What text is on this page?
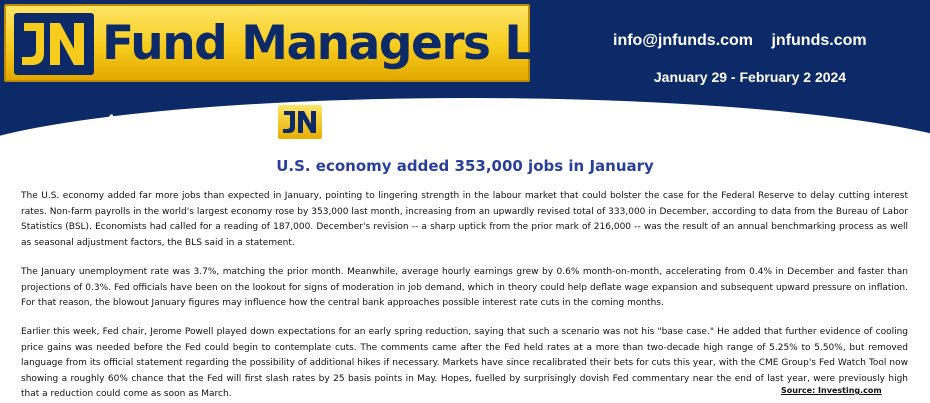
Fund Managers Ltd. info@jnfunds.com jnfunds.com
January 29 - February 2 2024
A member of the	Group
U.S. economy added 353,000 jobs in January

The U.S. economy added far more jobs than expected in January, pointing to lingering strength in the labour market that could bolster the case for the Federal Reserve to delay cutting interest rates. Non-farm payrolls in the world's largest economy rose by 353,000 last month, increasing from an upwardly revised total of 333,000 in December, according to data from the Bureau of Labor Statistics (BSL). Economists had called for a reading of 187,000. December's revision -- a sharp uptick from the prior mark of 216,000 -- was the result of an annual benchmarking process as well as seasonal adjustment factors, the BLS said in a statement.

The January unemployment rate was 3.7%, matching the prior month. Meanwhile, average hourly earnings grew by 0.6% month-on-month, accelerating from 0.4% in December and faster than projections of 0.3%. Fed officials have been on the lookout for signs of moderation in job demand, which in theory could help deflate wage expansion and subsequent upward pressure on inflation. For that reason, the blowout January figures may influence how the central bank approaches possible interest rate cuts in the coming months.

Earlier this week, Fed chair, Jerome Powell played down expectations for an early spring reduction, saying that such a scenario was not his "base case." He added that further evidence of cooling price gains was needed before the Fed could begin to contemplate cuts. The comments came after the Fed held rates at a more than two-decade high range of 5.25% to 5.50%, but removed language from its official statement regarding the possibility of additional hikes if necessary. Markets have since recalibrated their bets for cuts this year, with the CME Group's Fed Watch Tool now showing a roughly 60% chance that the Fed will first slash rates by 25 basis points in May. Hopes, fuelled by surprisingly dovish Fed commentary near the end of last year, were previously high that a reduction could come as soon as March.	Source: Investing.com
